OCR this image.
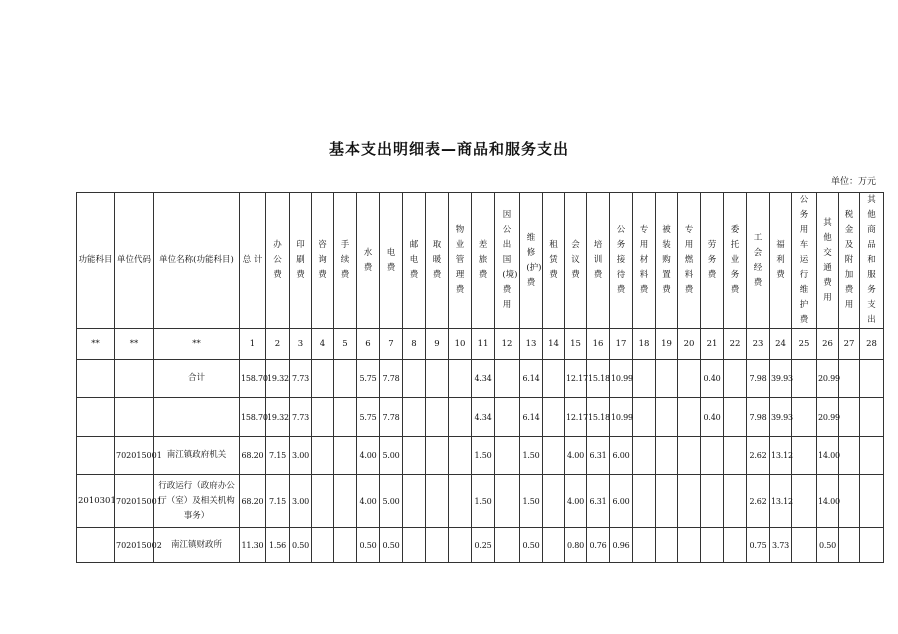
基本支出明细表—商品和服务支出
单位：万元
功能科目	单位代码	单位名称(功能科目)	总 计	办公费	印刷费	咨询费	手续费	水费	电费	邮电费	取暖费	物业管理费	差旅费	因公出国(境)费用	维修(护)费	租赁费	会议费	培训费	公务接待费	专用材料费	被装购置费	专用燃料费	劳务费	委托业务费	工会经费	福利费	公务用车运行维护费	其他交通费用	税金及附加费用	其他商品和服务支出
**	**	**	1	2	3	4	5	6	7	8	9	10	11	12	13	14	15	16	17	18	19	20	21	22	23	24	25	26	27	28
		合计	158.70	19.32	7.73			5.75	7.78				4.34		6.14		12.17	15.18	10.99				0.40		7.98	39.93		20.99		
			158.70	19.32	7.73			5.75	7.78				4.34		6.14		12.17	15.18	10.99				0.40		7.98	39.93		20.99		
	702015001	南江镇政府机关	68.20	7.15	3.00			4.00	5.00				1.50		1.50		4.00	6.31	6.00						2.62	13.12		14.00		
2010301	702015001	行政运行（政府办公厅（室）及相关机构事务）	68.20	7.15	3.00			4.00	5.00				1.50		1.50		4.00	6.31	6.00						2.62	13.12		14.00		
	702015002	南江镇财政所	11.30	1.56	0.50			0.50	0.50				0.25		0.50		0.80	0.76	0.96						0.75	3.73		0.50		
